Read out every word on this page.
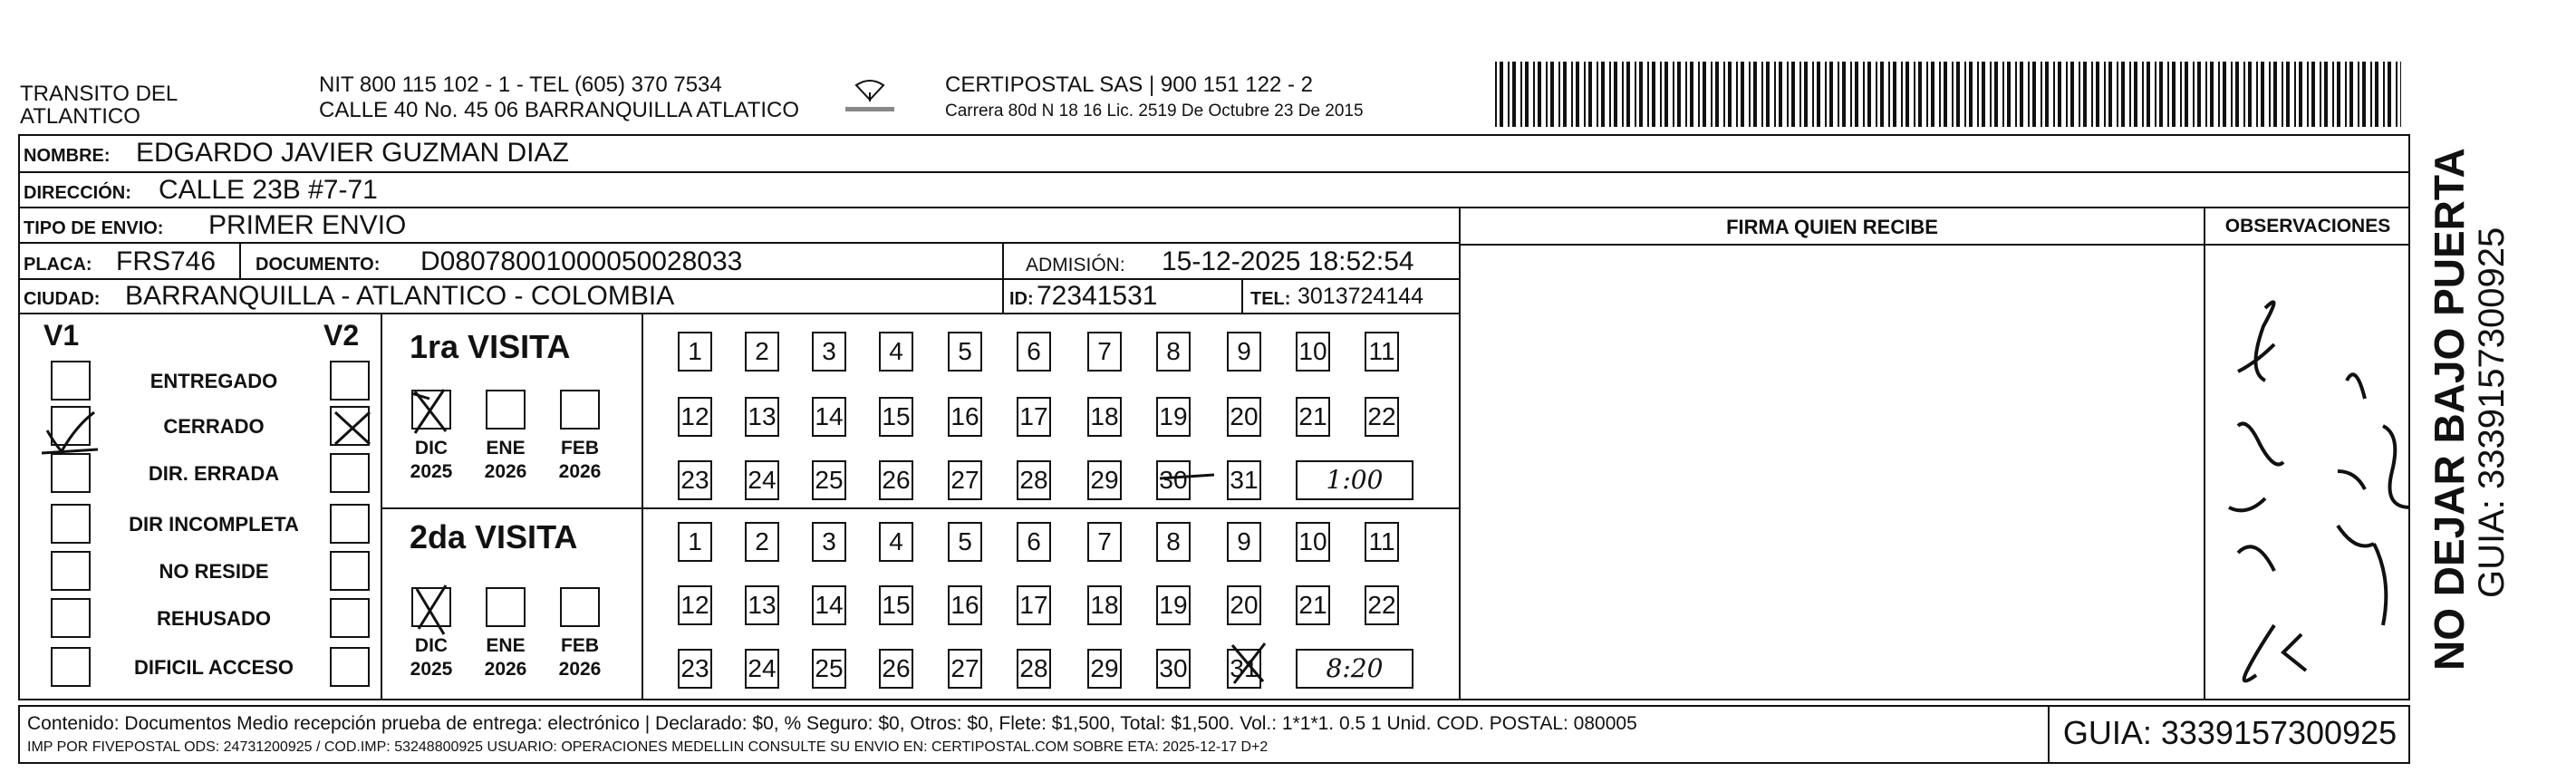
TRANSITO DEL
ATLANTICO
NIT 800 115 102 - 1 - TEL (605) 370 7534
CALLE 40 No. 45 06 BARRANQUILLA ATLATICO
CERTIPOSTAL SAS | 900 151 122 - 2
Carrera 80d N 18 16 Lic. 2519 De Octubre 23 De 2015
NOMBRE: EDGARDO JAVIER GUZMAN DIAZ
DIRECCIÓN: CALLE 23B #7-71
TIPO DE ENVIO: PRIMER ENVIO
PLACA: FRS746 DOCUMENTO: D08078001000050028033	ADMISIÓN: 15-12-2025 18:52:54
CIUDAD: BARRANQUILLA - ATLANTICO - COLOMBIA	ID: 72341531	TEL: 3013724144
FIRMA QUIEN RECIBE	OBSERVACIONES
V1	V2
ENTREGADO
CERRADO
DIR. ERRADA
DIR INCOMPLETA
NO RESIDE
REHUSADO
DIFICIL ACCESO
1ra VISITA
2da VISITA
DIC
2025
ENE
2026
FEB
2026
DIC
2025
ENE
2026
FEB
2026
1	2	3	4	5	6	7	8	9	10 11
12 13 14 15 16 17 18 19 20 21 22
23 24 25 26 27 28 29 30 31	1:00
1	2	3	4	5	6	7	8	9	10 11
12 13 14 15 16 17 18 19 20 21 22
23 24 25 26 27 28 29 30 31	8:20
Contenido: Documentos Medio recepción prueba de entrega: electrónico | Declarado: $0, % Seguro: $0, Otros: $0, Flete: $1,500, Total: $1,500. Vol.: 1*1*1. 0.5 1 Unid. COD. POSTAL: 080005
IMP POR FIVEPOSTAL ODS: 24731200925 / COD.IMP: 53248800925 USUARIO: OPERACIONES MEDELLIN CONSULTE SU ENVIO EN: CERTIPOSTAL.COM SOBRE ETA: 2025-12-17 D+2	GUIA: 3339157300925
NO DEJAR BAJO PUERTA GUIA: 3339157300925
